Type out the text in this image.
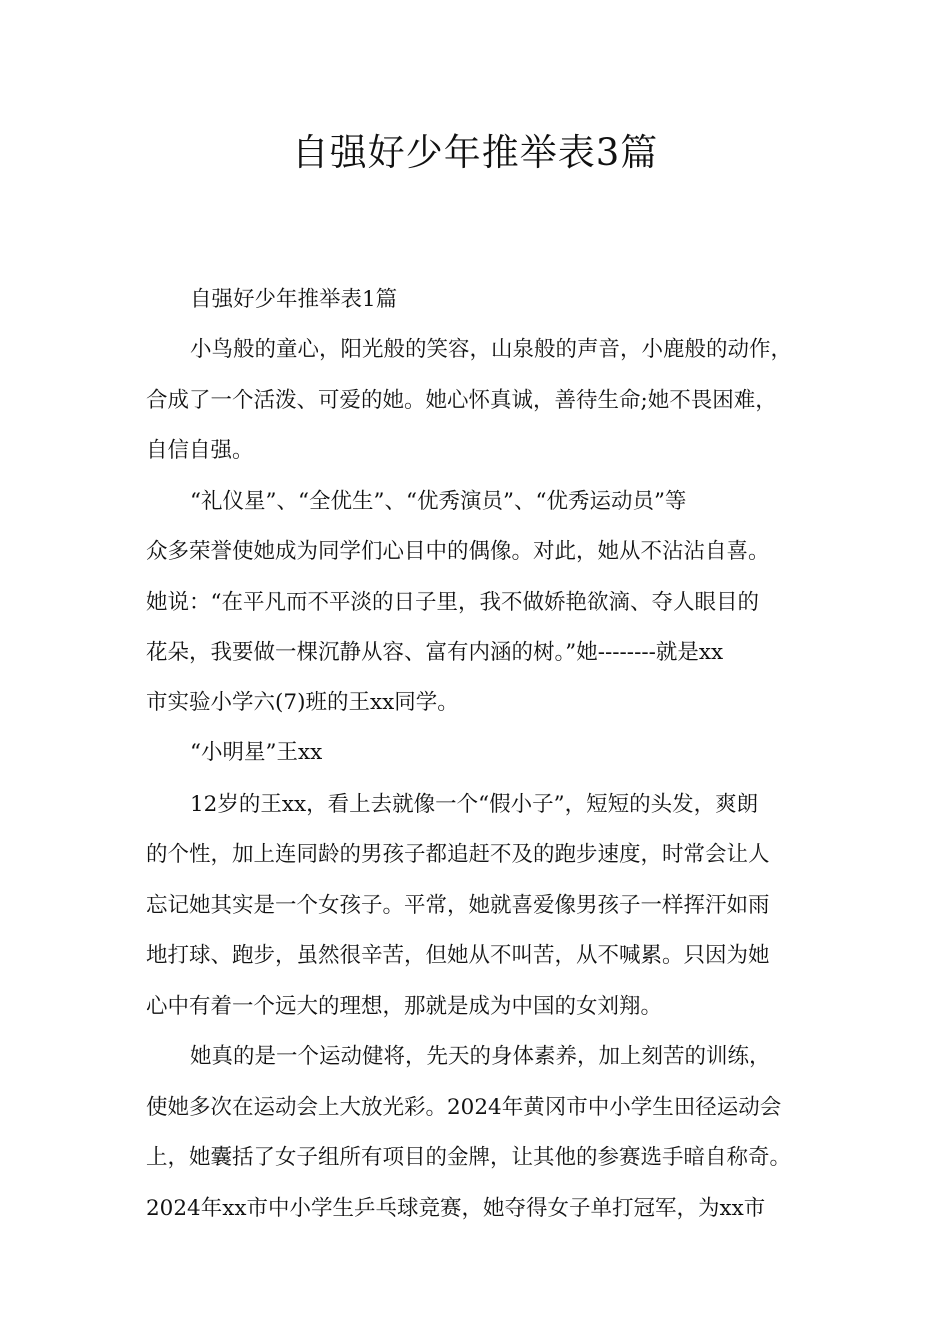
自强好少年推举表3篇

自强好少年推举表1篇

小鸟般的童心，阳光般的笑容，山泉般的声音，小鹿般的动作，

合成了一个活泼、可爱的她。她心怀真诚，善待生命;她不畏困难，

自信自强。

“礼仪星”、“全优生”、“优秀演员”、“优秀运动员”等

众多荣誉使她成为同学们心目中的偶像。对此，她从不沾沾自喜。

她说：“在平凡而不平淡的日子里，我不做娇艳欲滴、夺人眼目的

花朵，我要做一棵沉静从容、富有内涵的树。”她--------就是xx

市实验小学六(7)班的王xx同学。

“小明星”王xx

12岁的王xx，看上去就像一个“假小子”，短短的头发，爽朗

的个性，加上连同龄的男孩子都追赶不及的跑步速度，时常会让人

忘记她其实是一个女孩子。平常，她就喜爱像男孩子一样挥汗如雨

地打球、跑步，虽然很辛苦，但她从不叫苦，从不喊累。只因为她

心中有着一个远大的理想，那就是成为中国的女刘翔。

她真的是一个运动健将，先天的身体素养，加上刻苦的训练，

使她多次在运动会上大放光彩。2024年黄冈市中小学生田径运动会

上，她囊括了女子组所有项目的金牌，让其他的参赛选手暗自称奇。

2024年xx市中小学生乒乓球竞赛，她夺得女子单打冠军，为xx市
